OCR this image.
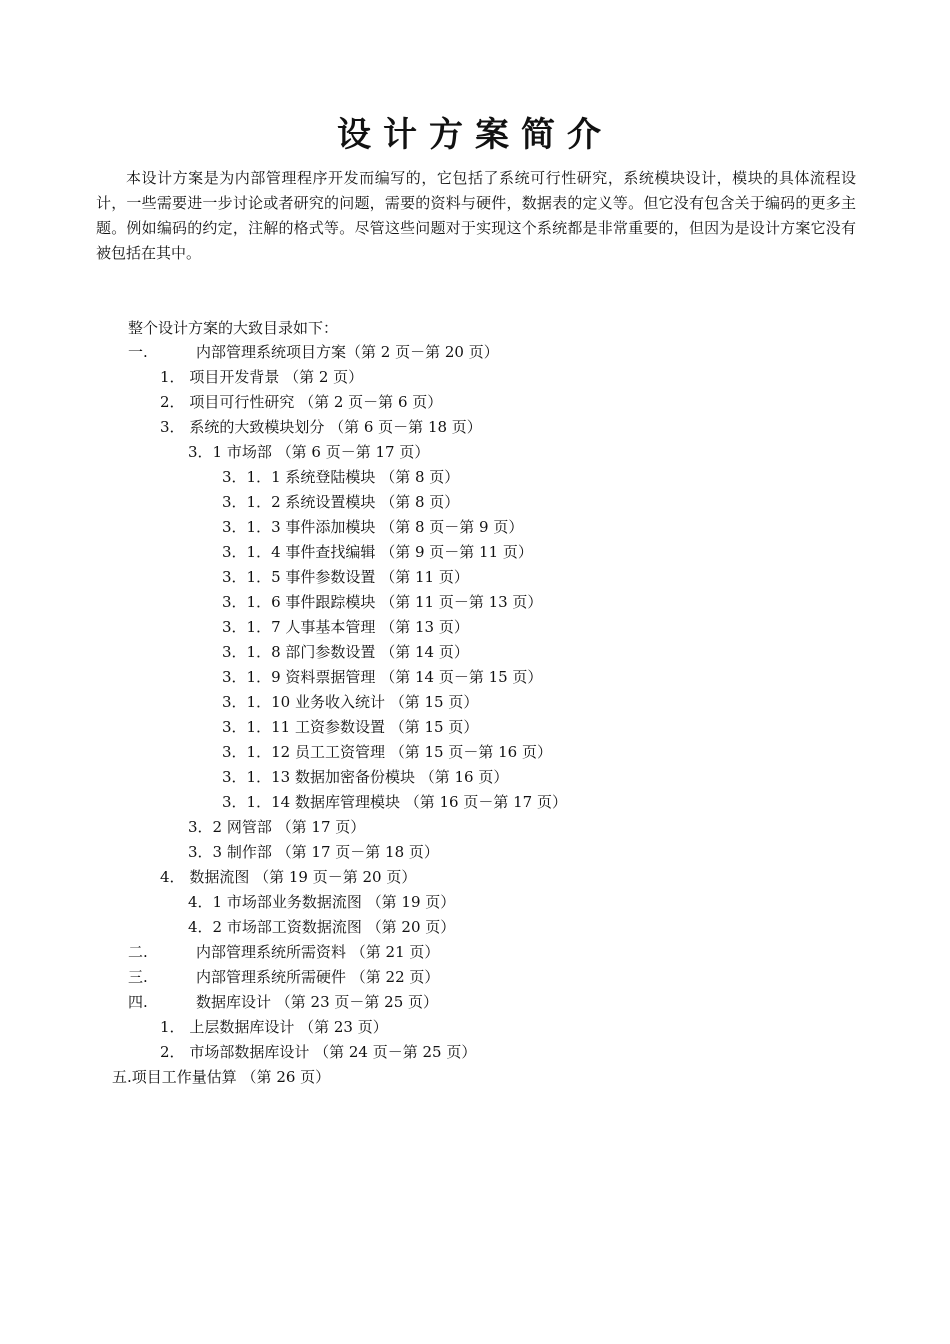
设计方案简介

本设计方案是为内部管理程序开发而编写的，它包括了系统可行性研究，系统模块设计，模块的具体流程设计，一些需要进一步讨论或者研究的问题，需要的资料与硬件，数据表的定义等。但它没有包含关于编码的更多主题。例如编码的约定，注解的格式等。尽管这些问题对于实现这个系统都是非常重要的，但因为是设计方案它没有被包括在其中。

整个设计方案的大致目录如下：
一.	内部管理系统项目方案（第 2 页－第 20 页）
1． 项目开发背景 （第 2 页）
2． 项目可行性研究 （第 2 页－第 6 页）
3． 系统的大致模块划分 （第 6 页－第 18 页）
3．1 市场部 （第 6 页－第 17 页）
3．1．1 系统登陆模块 （第 8 页）
3．1．2 系统设置模块 （第 8 页）
3．1．3 事件添加模块 （第 8 页－第 9 页）
3．1．4 事件查找编辑 （第 9 页－第 11 页）
3．1．5 事件参数设置 （第 11 页）
3．1．6 事件跟踪模块 （第 11 页－第 13 页）
3．1．7 人事基本管理 （第 13 页）
3．1．8 部门参数设置 （第 14 页）
3．1．9 资料票据管理 （第 14 页－第 15 页）
3．1．10 业务收入统计 （第 15 页）
3．1．11 工资参数设置 （第 15 页）
3．1．12 员工工资管理 （第 15 页－第 16 页）
3．1．13 数据加密备份模块 （第 16 页）
3．1．14 数据库管理模块 （第 16 页－第 17 页）
3．2 网管部 （第 17 页）
3．3 制作部 （第 17 页－第 18 页）
4． 数据流图 （第 19 页－第 20 页）
4．1 市场部业务数据流图 （第 19 页）
4．2 市场部工资数据流图 （第 20 页）
二.	内部管理系统所需资料 （第 21 页）
三.	内部管理系统所需硬件 （第 22 页）
四.	数据库设计 （第 23 页－第 25 页）
1． 上层数据库设计 （第 23 页）
2． 市场部数据库设计 （第 24 页－第 25 页）
五.项目工作量估算 （第 26 页）
